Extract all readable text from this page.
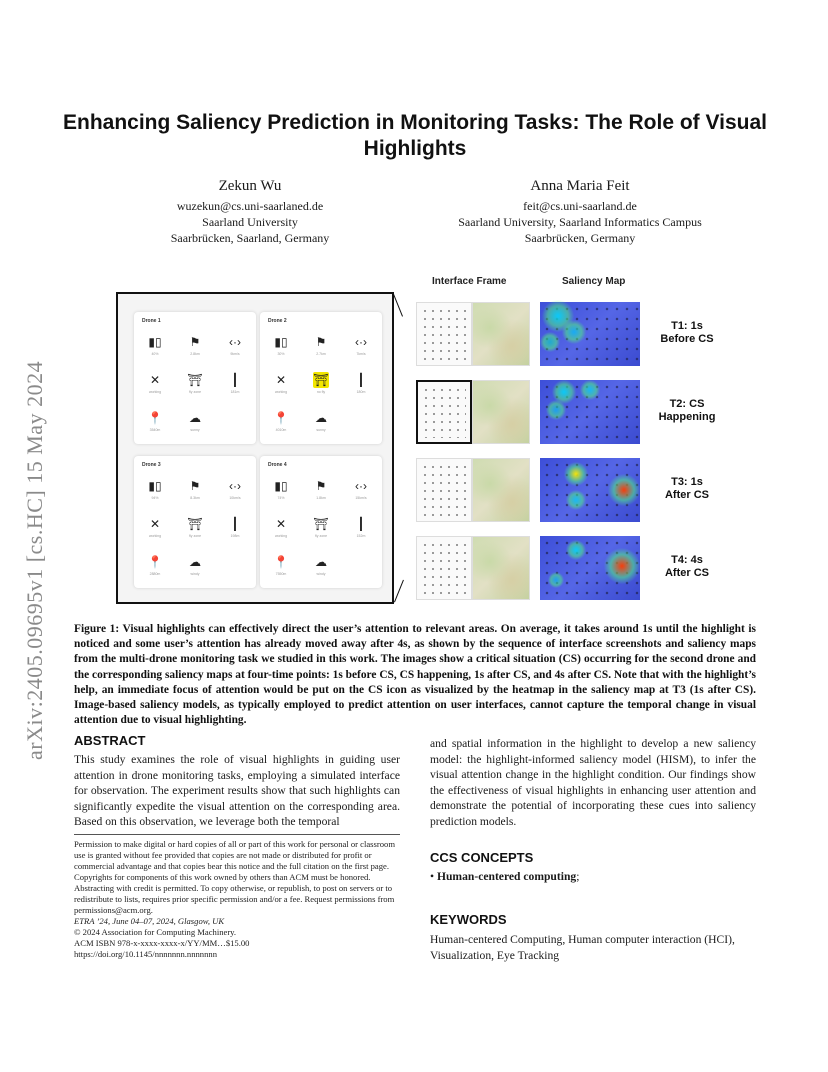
arXiv:2405.09695v1 [cs.HC] 15 May 2024
Enhancing Saliency Prediction in Monitoring Tasks: The Role of Visual Highlights
Zekun Wu
wuzekun@cs.uni-saarlaned.de
Saarland University
Saarbrücken, Saarland, Germany
Anna Maria Feit
feit@cs.uni-saarland.de
Saarland University, Saarland Informatics Campus
Saarbrücken, Germany
Interface Frame	Saliency Map
Drone 1
▮▯
40%
⚑
2.8km
‹·›
9km/s
✕
working
⛩
fly zone
┃
181m
📍
3540m
☁
sunny
Drone 2
▮▯
30%
⚑
2.7km
‹·›
7km/s
✕
working
⛩
no fly
┃
180m
📍
4010m
☁
sunny
Drone 3
▮▯
94%
⚑
8.3km
‹·›
10km/s
✕
working
⛩
fly zone
┃
198m
📍
2880m
☁
windy
Drone 4
▮▯
74%
⚑
1.8km
‹·›
15km/s
✕
working
⛩
fly zone
┃
152m
📍
7550m
☁
windy
T1: 1s
Before CS
T2: CS
Happening
T3: 1s
After CS
T4: 4s
After CS
Figure 1: Visual highlights can effectively direct the user’s attention to relevant areas. On average, it takes around 1s until the highlight is noticed and some user’s attention has already moved away after 4s, as shown by the sequence of interface screenshots and saliency maps from the multi-drone monitoring task we studied in this work. The images show a critical situation (CS) occurring for the second drone and the corresponding saliency maps at four-time points: 1s before CS, CS happening, 1s after CS, and 4s after CS. Note that with the highlight’s help, an immediate focus of attention would be put on the CS icon as visualized by the heatmap in the saliency map at T3 (1s after CS). Image-based saliency models, as typically employed to predict attention on user interfaces, cannot capture the temporal change in visual attention due to visual highlighting.
ABSTRACT
This study examines the role of visual highlights in guiding user attention in drone monitoring tasks, employing a simulated interface for observation. The experiment results show that such highlights can significantly expedite the visual attention on the corresponding area. Based on this observation, we leverage both the temporal
and spatial information in the highlight to develop a new saliency model: the highlight-informed saliency model (HISM), to infer the visual attention change in the highlight condition. Our findings show the effectiveness of visual highlights in enhancing user attention and demonstrate the potential of incorporating these cues into saliency prediction models.
Permission to make digital or hard copies of all or part of this work for personal or classroom use is granted without fee provided that copies are not made or distributed for profit or commercial advantage and that copies bear this notice and the full citation on the first page. Copyrights for components of this work owned by others than ACM must be honored. Abstracting with credit is permitted. To copy otherwise, or republish, to post on servers or to redistribute to lists, requires prior specific permission and/or a fee. Request permissions from permissions@acm.org.
ETRA ’24, June 04–07, 2024, Glasgow, UK
© 2024 Association for Computing Machinery.
ACM ISBN 978-x-xxxx-xxxx-x/YY/MM…$15.00
https://doi.org/10.1145/nnnnnnn.nnnnnnn
CCS CONCEPTS
• Human-centered computing;
KEYWORDS
Human-centered Computing, Human computer interaction (HCI), Visualization, Eye Tracking
